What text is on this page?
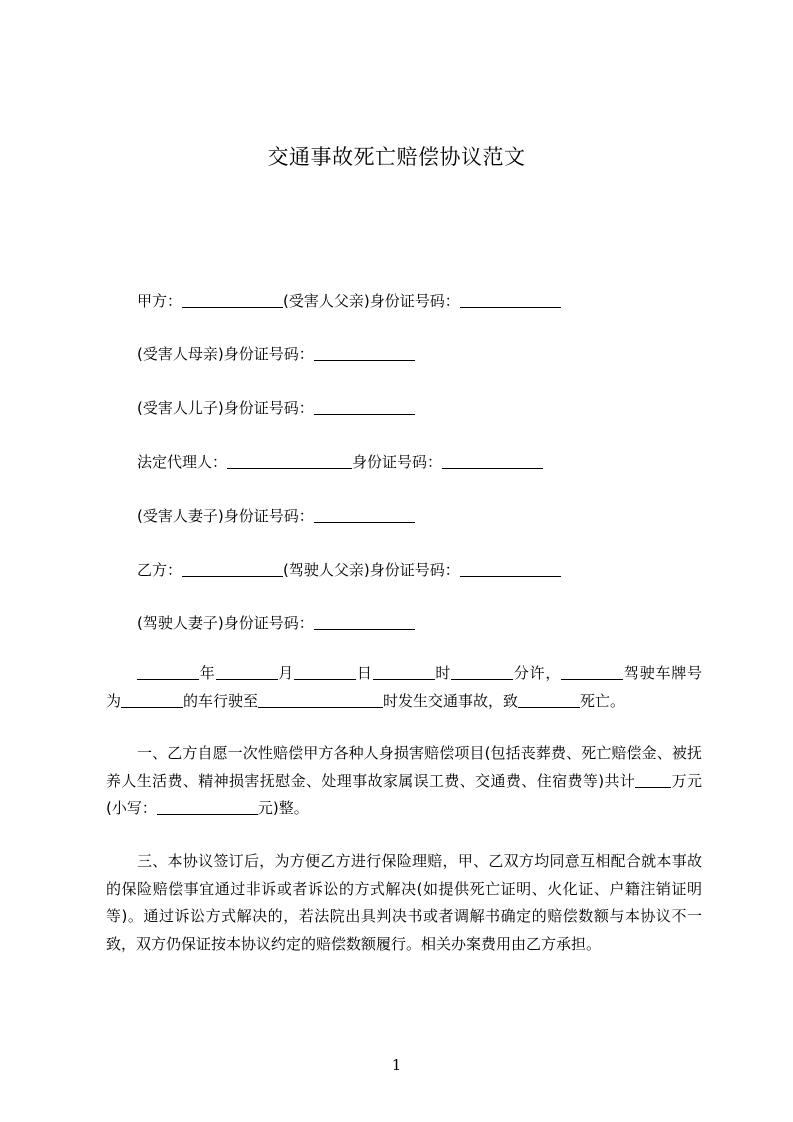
交通事故死亡赔偿协议范文
甲方：	(受害人父亲)身份证号码：
(受害人母亲)身份证号码：
(受害人儿子)身份证号码：
法定代理人：	身份证号码：
(受害人妻子)身份证号码：
乙方：	(驾驶人父亲)身份证号码：
(驾驶人妻子)身份证号码：

年	月	日	时	分许，	驾驶车牌号为	的车行驶至	时发生交通事故，致	死亡。

一、乙方自愿一次性赔偿甲方各种人身损害赔偿项目(包括丧葬费、死亡赔偿金、被抚养人生活费、精神损害抚慰金、处理事故家属误工费、交通费、住宿费等)共计 万元(小写：	元)整。

三、本协议签订后，为方便乙方进行保险理赔，甲、乙双方均同意互相配合就本事故的保险赔偿事宜通过非诉或者诉讼的方式解决(如提供死亡证明、火化证、户籍注销证明等)。通过诉讼方式解决的，若法院出具判决书或者调解书确定的赔偿数额与本协议不一致，双方仍保证按本协议约定的赔偿数额履行。相关办案费用由乙方承担。

1
